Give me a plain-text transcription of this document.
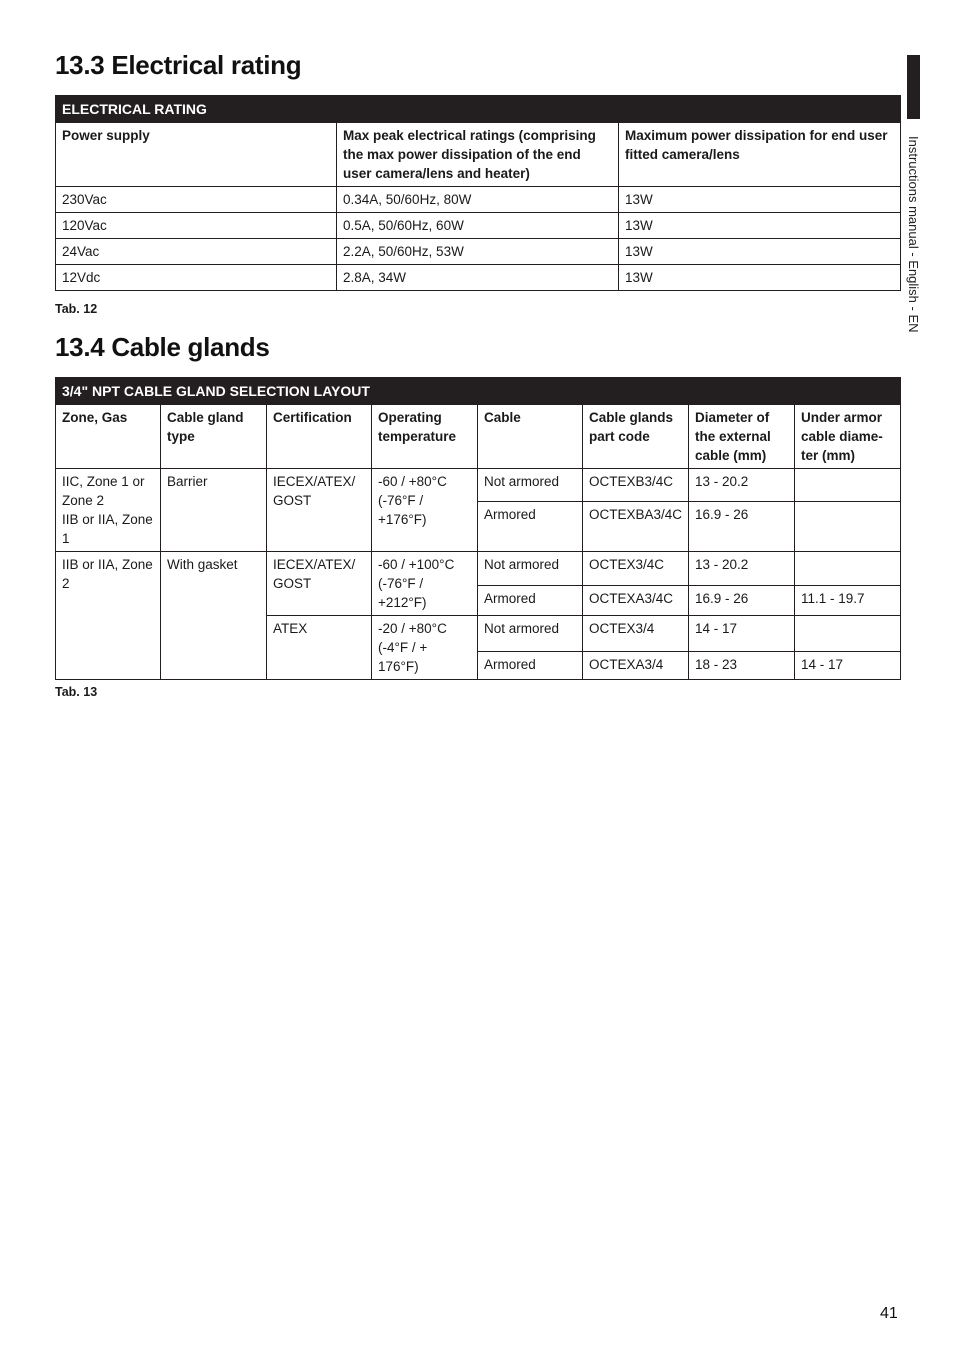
Instructions manual - English - EN
13.3 Electrical rating
ELECTRICAL RATING		
Power supply	Max peak electrical ratings (comprising the max power dissipation of the end user camera/lens and heater)	Maximum power dissipation for end user fitted camera/lens
230Vac	0.34A, 50/60Hz, 80W	13W
120Vac	0.5A, 50/60Hz, 60W	13W
24Vac	2.2A, 50/60Hz, 53W	13W
12Vdc	2.8A, 34W	13W

Tab. 12

13.4 Cable glands
3/4" NPT CABLE GLAND SELECTION LAYOUT							
Zone, Gas	Cable gland type	Certification	Operating temperature	Cable	Cable glands part code	Diameter of the external cable (mm)	Under armor cable diame-
ter (mm)
IIC, Zone 1 or Zone 2
IIB or IIA, Zone 1	Barrier	IECEX/ATEX/
GOST	-60 / +80°C
(-76°F /
+176°F)	Not armored	OCTEXB3/4C	13 - 20.2	
				Armored	OCTEXBA3/4C	16.9 - 26	
IIB or IIA, Zone 2	With gasket	IECEX/ATEX/
GOST	-60 / +100°C
(-76°F /
+212°F)	Not armored	OCTEX3/4C	13 - 20.2	
				Armored	OCTEXA3/4C	16.9 - 26	11.1 - 19.7
		ATEX	-20 / +80°C
(-4°F / + 176°F)	Not armored	OCTEX3/4	14 - 17	
				Armored	OCTEXA3/4	18 - 23	14 - 17

Tab. 13

41
